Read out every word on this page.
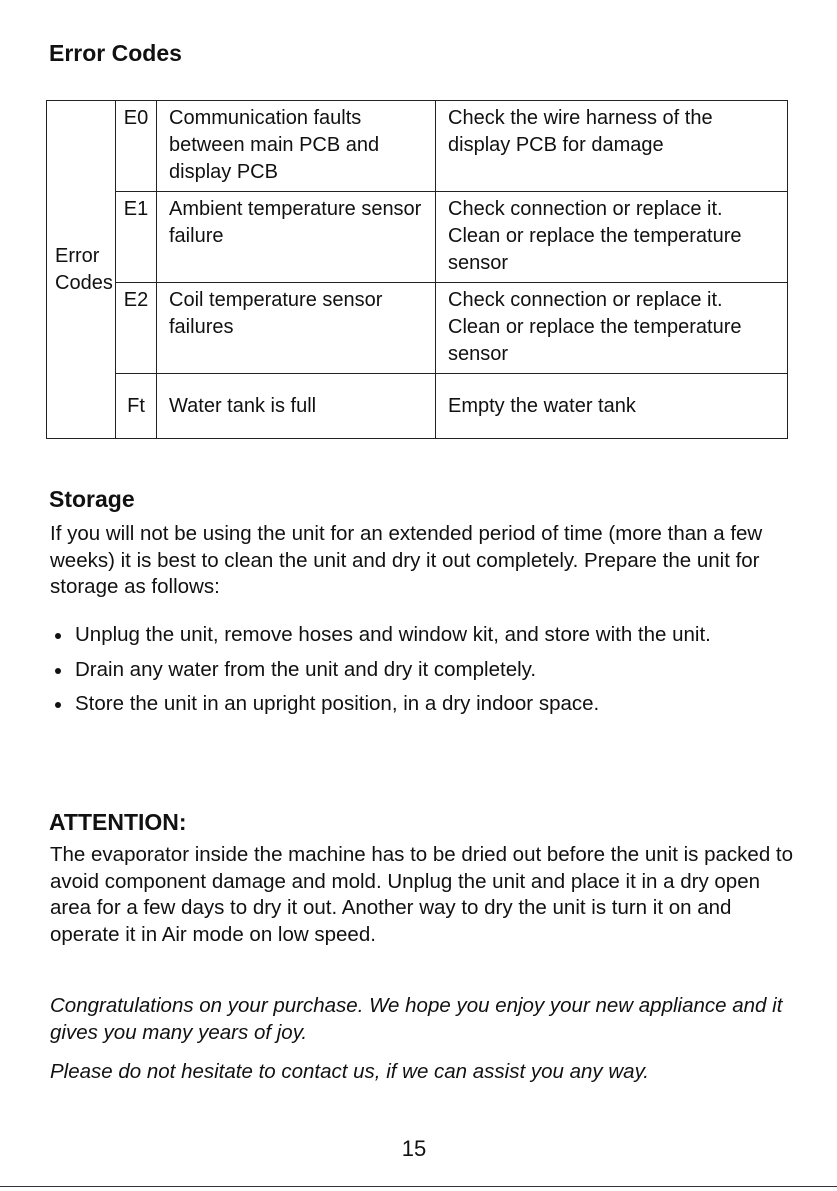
Error Codes
Error Codes	E0	Communication faults between main PCB and display PCB	Check the wire harness of the display PCB for damage
	E1	Ambient temperature sensor failure	Check connection or replace it. Clean or replace the temperature sensor
	E2	Coil temperature sensor failures	Check connection or replace it. Clean or replace the temperature sensor
	Ft	Water tank is full	Empty the water tank
Storage

If you will not be using the unit for an extended period of time (more than a few weeks) it is best to clean the unit and dry it out completely. Prepare the unit for storage as follows:

Unplug the unit, remove hoses and window kit, and store with the unit.
Drain any water from the unit and dry it completely.
Store the unit in an upright position, in a dry indoor space.
ATTENTION:

The evaporator inside the machine has to be dried out before the unit is packed to avoid component damage and mold. Unplug the unit and place it in a dry open area for a few days to dry it out. Another way to dry the unit is turn it on and operate it in Air mode on low speed.

Congratulations on your purchase. We hope you enjoy your new appliance and it gives you many years of joy.

Please do not hesitate to contact us, if we can assist you any way.

15
